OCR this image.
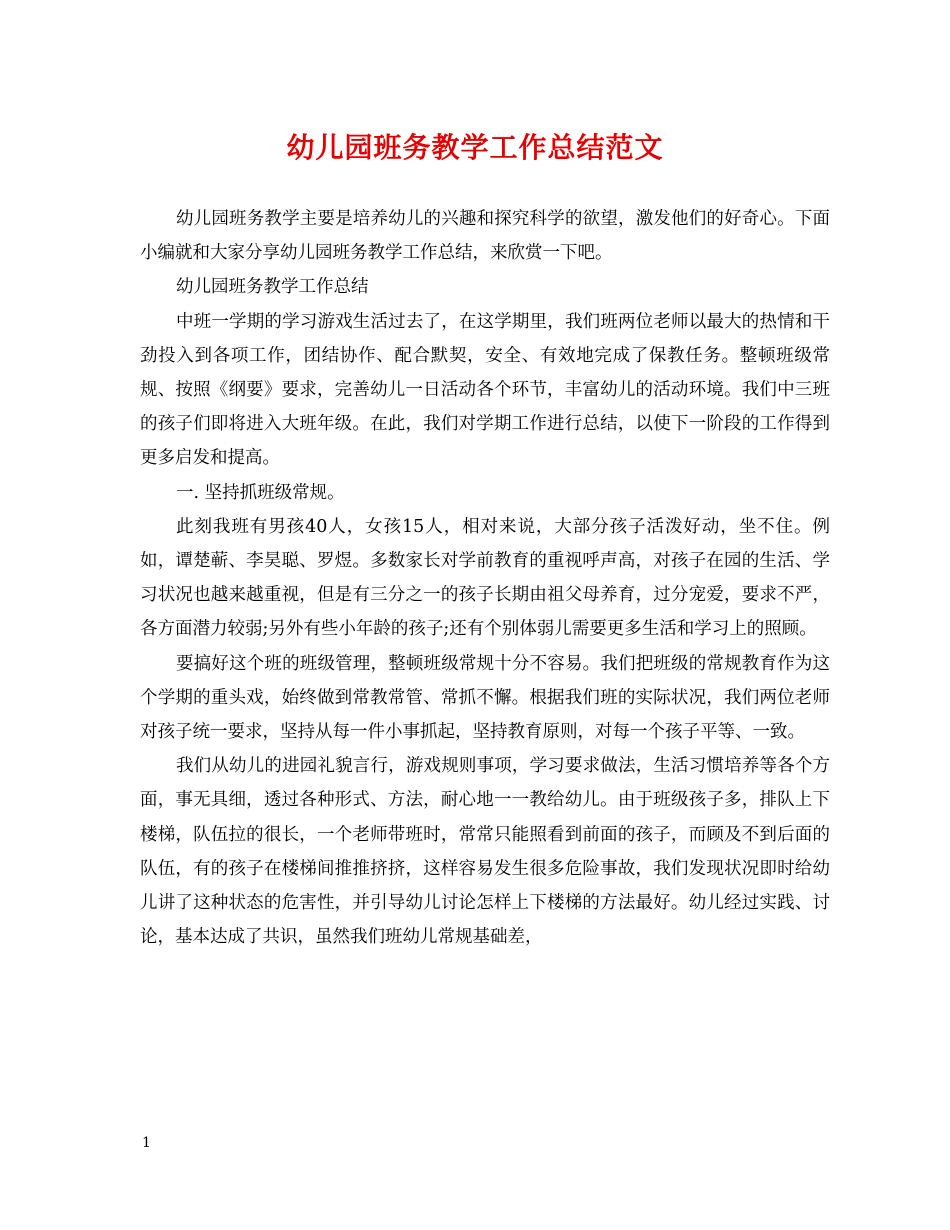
幼儿园班务教学工作总结范文

幼儿园班务教学主要是培养幼儿的兴趣和探究科学的欲望，激发他们的好奇心。下面小编就和大家分享幼儿园班务教学工作总结，来欣赏一下吧。

幼儿园班务教学工作总结

中班一学期的学习游戏生活过去了，在这学期里，我们班两位老师以最大的热情和干劲投入到各项工作，团结协作、配合默契，安全、有效地完成了保教任务。整顿班级常规、按照《纲要》要求，完善幼儿一日活动各个环节，丰富幼儿的活动环境。我们中三班的孩子们即将进入大班年级。在此，我们对学期工作进行总结，以使下一阶段的工作得到更多启发和提高。

一. 坚持抓班级常规。

此刻我班有男孩40人，女孩15人，相对来说，大部分孩子活泼好动，坐不住。例如，谭楚蕲、李昊聪、罗煜。多数家长对学前教育的重视呼声高，对孩子在园的生活、学习状况也越来越重视，但是有三分之一的孩子长期由祖父母养育，过分宠爱，要求不严，各方面潜力较弱;另外有些小年龄的孩子;还有个别体弱儿需要更多生活和学习上的照顾。

要搞好这个班的班级管理，整顿班级常规十分不容易。我们把班级的常规教育作为这个学期的重头戏，始终做到常教常管、常抓不懈。根据我们班的实际状况，我们两位老师对孩子统一要求，坚持从每一件小事抓起，坚持教育原则，对每一个孩子平等、一致。

我们从幼儿的进园礼貌言行，游戏规则事项，学习要求做法，生活习惯培养等各个方面，事无具细，透过各种形式、方法，耐心地一一教给幼儿。由于班级孩子多，排队上下楼梯，队伍拉的很长，一个老师带班时，常常只能照看到前面的孩子，而顾及不到后面的队伍，有的孩子在楼梯间推推挤挤，这样容易发生很多危险事故，我们发现状况即时给幼儿讲了这种状态的危害性，并引导幼儿讨论怎样上下楼梯的方法最好。幼儿经过实践、讨论，基本达成了共识，虽然我们班幼儿常规基础差，

1
